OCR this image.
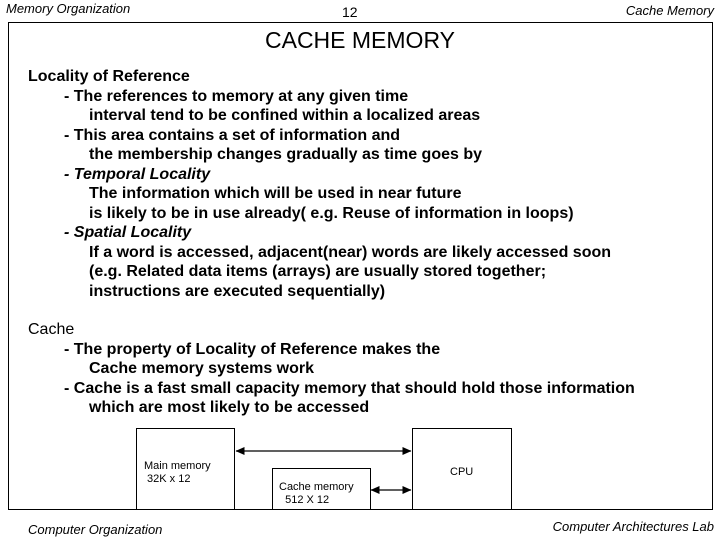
Memory Organization	12	Cache Memory
CACHE MEMORY
Locality of Reference
- The references to memory at any given time
interval tend to be confined within a localized areas
- This area contains a set of information and
the membership changes gradually as time goes by
- Temporal Locality
The information which will be used in near future
is likely to be in use already( e.g. Reuse of information in loops)
- Spatial Locality
If a word is accessed, adjacent(near) words are likely accessed soon
(e.g. Related data items (arrays) are usually stored together;
instructions are executed sequentially)
Cache
- The property of Locality of Reference makes the
Cache memory systems work
- Cache is a fast small capacity memory that should hold those information
which are most likely to be accessed
Main memory
32K x 12
CPU
Cache memory
512 X 12
Computer Organization	Computer Architectures Lab
